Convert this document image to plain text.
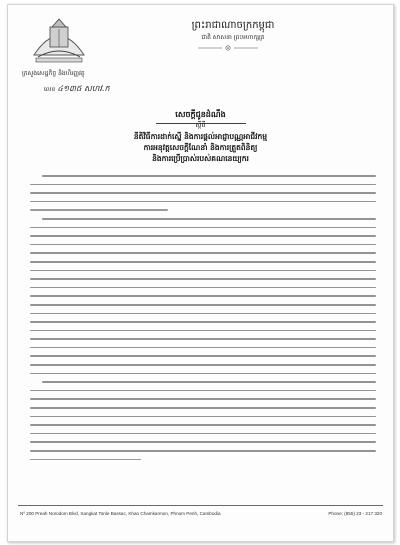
ព្រះរាជាណាចក្រកម្ពុជា
ជាតិ សាសនា ព្រះមហាក្សត្រ
ក្រសួងសេដ្ឋកិច្ច និងហិរញ្ញវត្ថុ
លេខ ៤១៣៥ សហវ.ក
សេចក្តីជូនដំណឹង
ស្តីពី
នីតិវិធីការដាក់ស្នើ និងការផ្តល់អាជ្ញាបណ្ណអាជីវកម្ម
ការអនុវត្តសេចក្តីណែនាំ និងការត្រួតពិនិត្យ
និងការប្រើប្រាស់របស់គណនេយ្យករ
Nº 200 Preah Norodom Blvd, Sangkat Tonle Bassac, Khan Chamkarmon, Phnom Penh, Cambodia	Phone: (855) 23 - 217 320
